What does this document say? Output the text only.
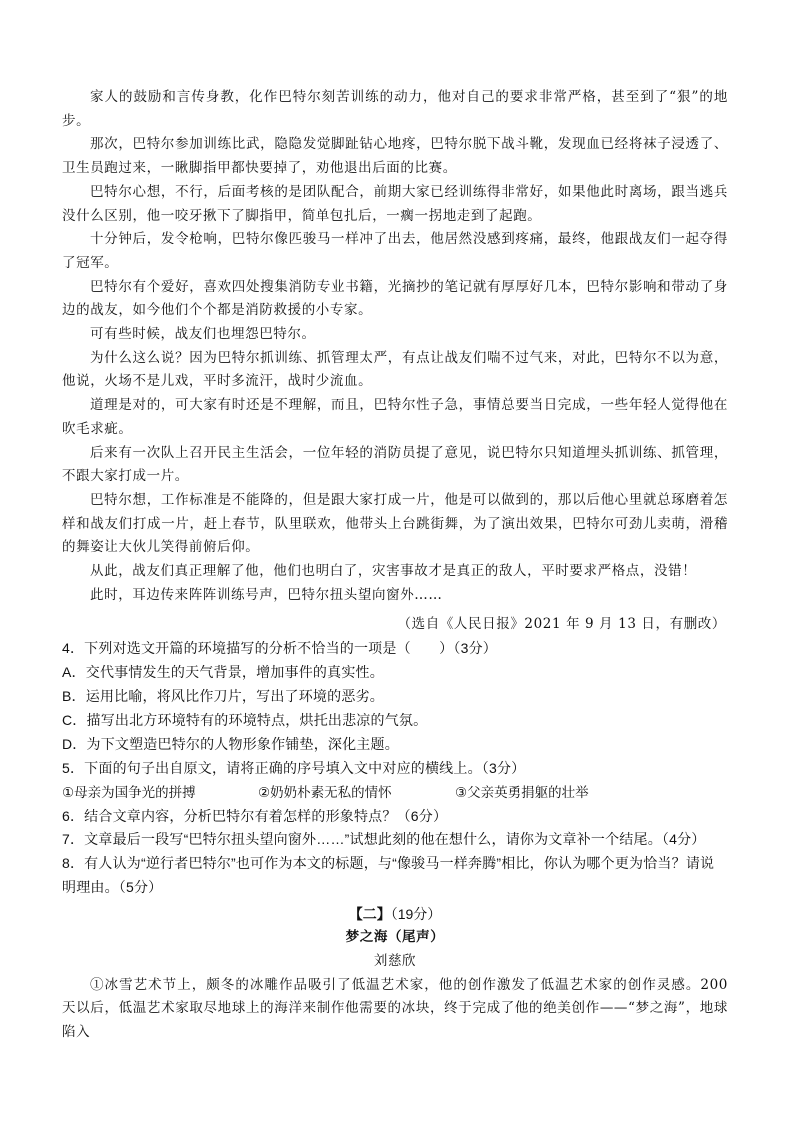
家人的鼓励和言传身教，化作巴特尔刻苦训练的动力，他对自己的要求非常严格，甚至到了“狠”的地步。

那次，巴特尔参加训练比武，隐隐发觉脚趾钻心地疼，巴特尔脱下战斗靴，发现血已经将袜子浸透了、卫生员跑过来，一瞅脚指甲都快要掉了，劝他退出后面的比赛。

巴特尔心想，不行，后面考核的是团队配合，前期大家已经训练得非常好，如果他此时离场，跟当逃兵没什么区别，他一咬牙揪下了脚指甲，简单包扎后，一瘸一拐地走到了起跑。

十分钟后，发令枪响，巴特尔像匹骏马一样冲了出去，他居然没感到疼痛，最终，他跟战友们一起夺得了冠军。

巴特尔有个爱好，喜欢四处搜集消防专业书籍，光摘抄的笔记就有厚厚好几本，巴特尔影响和带动了身边的战友，如今他们个个都是消防救援的小专家。

可有些时候，战友们也埋怨巴特尔。

为什么这么说？因为巴特尔抓训练、抓管理太严，有点让战友们喘不过气来，对此，巴特尔不以为意，他说，火场不是儿戏，平时多流汗，战时少流血。

道理是对的，可大家有时还是不理解，而且，巴特尔性子急，事情总要当日完成，一些年轻人觉得他在吹毛求疵。

后来有一次队上召开民主生活会，一位年轻的消防员提了意见，说巴特尔只知道埋头抓训练、抓管理，不跟大家打成一片。

巴特尔想，工作标准是不能降的，但是跟大家打成一片，他是可以做到的，那以后他心里就总琢磨着怎样和战友们打成一片，赶上春节，队里联欢，他带头上台跳街舞，为了演出效果，巴特尔可劲儿卖萌，滑稽的舞姿让大伙儿笑得前俯后仰。

从此，战友们真正理解了他，他们也明白了，灾害事故才是真正的敌人，平时要求严格点，没错！

此时，耳边传来阵阵训练号声，巴特尔扭头望向窗外……

（选自《人民日报》2021 年 9 月 13 日，有删改）

4．下列对选文开篇的环境描写的分析不恰当的一项是（　　）（3分）

A．交代事情发生的天气背景，增加事件的真实性。

B．运用比喻，将风比作刀片，写出了环境的恶劣。

C．描写出北方环境特有的环境特点，烘托出悲凉的气氛。

D．为下文塑造巴特尔的人物形象作铺垫，深化主题。

5．下面的句子出自原文，请将正确的序号填入文中对应的横线上。（3分）

①母亲为国争光的拼搏	②奶奶朴素无私的情怀	③父亲英勇捐躯的壮举

6．结合文章内容，分析巴特尔有着怎样的形象特点？（6分）

7．文章最后一段写“巴特尔扭头望向窗外……”试想此刻的他在想什么，请你为文章补一个结尾。（4分）

8．有人认为“逆行者巴特尔”也可作为本文的标题，与“像骏马一样奔腾”相比，你认为哪个更为恰当？请说明理由。（5分）

【二】（19分）
梦之海（尾声）
刘慈欣

①冰雪艺术节上，颇冬的冰雕作品吸引了低温艺术家，他的创作激发了低温艺术家的创作灵感。200 天以后，低温艺术家取尽地球上的海洋来制作他需要的冰块，终于完成了他的绝美创作——“梦之海”，地球陷入
